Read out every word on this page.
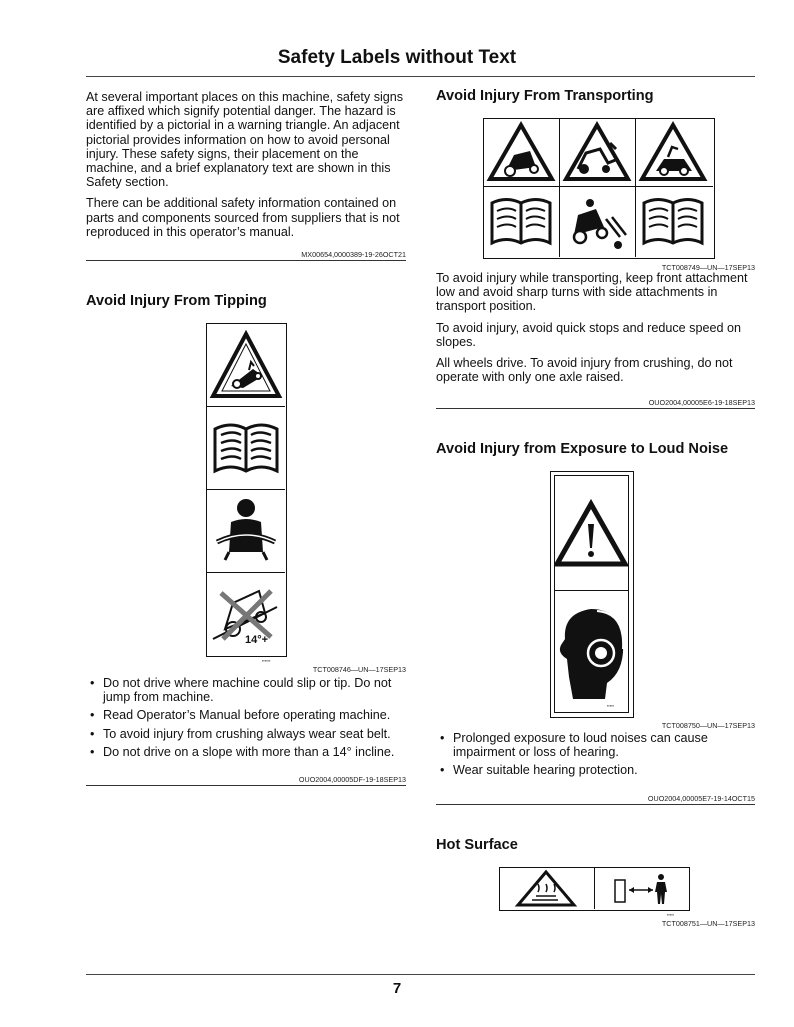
Safety Labels without Text

At several important places on this machine, safety signs are affixed which signify potential danger. The hazard is identified by a pictorial in a warning triangle. An adjacent pictorial provides information on how to avoid personal injury. These safety signs, their placement on the machine, and a brief explanatory text are shown in this Safety section.

There can be additional safety information contained on parts and components sourced from suppliers that is not reproduced in this operator’s manual.

MX00654,0000389-19-26OCT21
Avoid Injury From Tipping
14°+
▪▪▪▪▪▪
TCT008746—UN—17SEP13
• Do not drive where machine could slip or tip. Do not jump from machine.
• Read Operator’s Manual before operating machine.
• To avoid injury from crushing always wear seat belt.
• Do not drive on a slope with more than a 14° incline.
OUO2004,00005DF-19-18SEP13
Avoid Injury From Transporting
TCT008749—UN—17SEP13

To avoid injury while transporting, keep front attachment low and avoid sharp turns with side attachments in transport position.

To avoid injury, avoid quick stops and reduce speed on slopes.

All wheels drive. To avoid injury from crushing, do not operate with only one axle raised.

OUO2004,00005E6-19-18SEP13
Avoid Injury from Exposure to Loud Noise
▪▪▪▪▪
TCT008750—UN—17SEP13
• Prolonged exposure to loud noises can cause impairment or loss of hearing.
• Wear suitable hearing protection.
OUO2004,00005E7-19-14OCT15
Hot Surface
▪▪▪▪▪
TCT008751—UN—17SEP13
7
